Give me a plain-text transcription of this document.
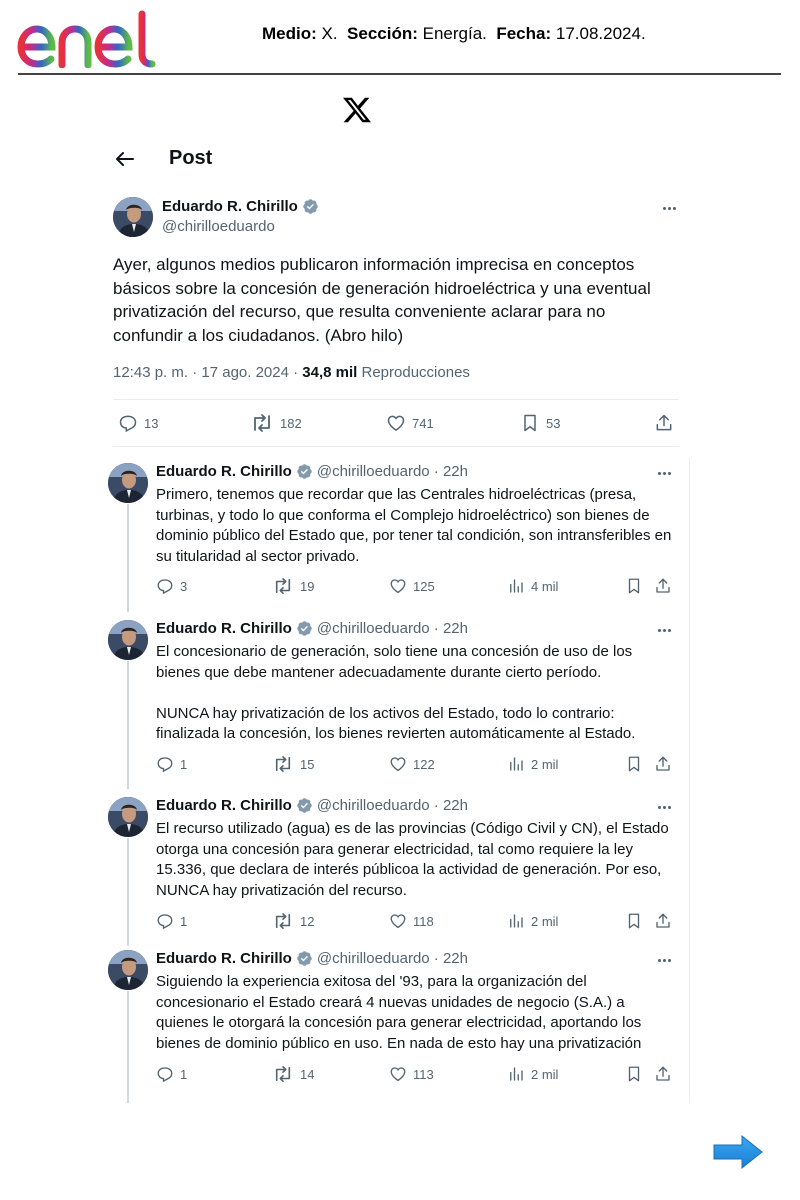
Medio: X. Sección: Energía. Fecha: 17.08.2024.
Post
Eduardo R. Chirillo
@chirilloeduardo
Ayer, algunos medios publicaron información imprecisa en conceptos básicos sobre la concesión de generación hidroeléctrica y una eventual privatización del recurso, que resulta conveniente aclarar para no confundir a los ciudadanos. (Abro hilo)
12:43 p. m. · 17 ago. 2024 · 34,8 mil Reproducciones
13	182	741	53
Eduardo R. Chirillo @chirilloeduardo · 22h
Primero, tenemos que recordar que las Centrales hidroeléctricas (presa, turbinas, y todo lo que conforma el Complejo hidroeléctrico) son bienes de dominio público del Estado que, por tener tal condición, son intransferibles en su titularidad al sector privado.
3	19	125	4 mil
Eduardo R. Chirillo @chirilloeduardo · 22h
El concesionario de generación, solo tiene una concesión de uso de los bienes que debe mantener adecuadamente durante cierto período.

NUNCA hay privatización de los activos del Estado, todo lo contrario: finalizada la concesión, los bienes revierten automáticamente al Estado.
1	15	122	2 mil
Eduardo R. Chirillo @chirilloeduardo · 22h
El recurso utilizado (agua) es de las provincias (Código Civil y CN), el Estado otorga una concesión para generar electricidad, tal como requiere la ley 15.336, que declara de interés públicoa la actividad de generación. Por eso, NUNCA hay privatización del recurso.
1	12	118	2 mil
Eduardo R. Chirillo @chirilloeduardo · 22h
Siguiendo la experiencia exitosa del '93, para la organización del concesionario el Estado creará 4 nuevas unidades de negocio (S.A.) a quienes le otorgará la concesión para generar electricidad, aportando los bienes de dominio público en uso. En nada de esto hay una privatización
1	14	113	2 mil
